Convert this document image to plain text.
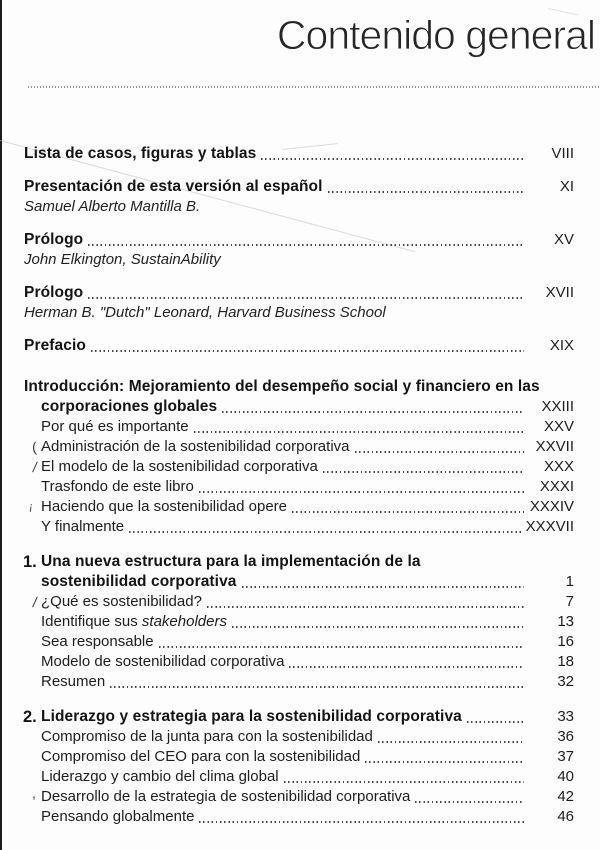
Contenido general
Lista de casos, figuras y tablas	VIII
Presentación de esta versión al español	XI
Samuel Alberto Mantilla B.
Prólogo	XV
John Elkington, SustainAbility
Prólogo	XVII
Herman B. "Dutch" Leonard, Harvard Business School
Prefacio	XIX
Introducción: Mejoramiento del desempeño social y financiero en las
corporaciones globales	XXIII
Por qué es importante	XXV
( Administración de la sostenibilidad corporativa	XXVII
/ El modelo de la sostenibilidad corporativa	XXX
Trasfondo de este libro	XXXI
¡ Haciendo que la sostenibilidad opere	XXXIV
Y finalmente	XXXVII
1. Una nueva estructura para la implementación de la
sostenibilidad corporativa	1
/ ¿Qué es sostenibilidad?	7
Identifique sus stakeholders	13
Sea responsable	16
Modelo de sostenibilidad corporativa	18
Resumen	32
2. Liderazgo y estrategia para la sostenibilidad corporativa	33
Compromiso de la junta para con la sostenibilidad	36
Compromiso del CEO para con la sostenibilidad	37
Liderazgo y cambio del clima global	40
, Desarrollo de la estrategia de sostenibilidad corporativa	42
Pensando globalmente	46
